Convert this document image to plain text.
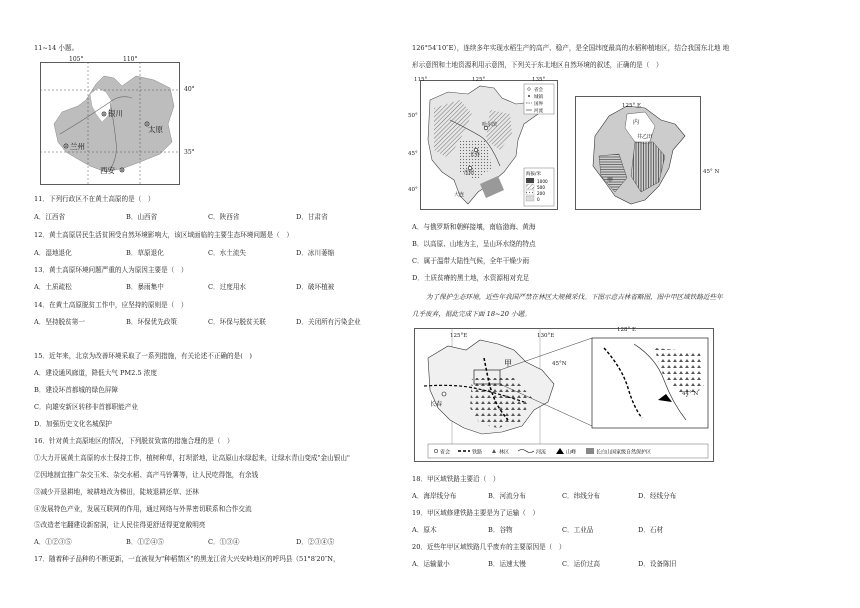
11~14 小题。
银川
太原
兰州
西安
105°	110°
40°
35°
11．下列行政区不在黄土高原的是（　）
A．江西省	B．山西省	C．陕西省	D．甘肃省
12．黄土高原居民生活贫困受自然环境影响大，该区域面临的主要生态环境问题是（　）
A．湿地退化	B．草原退化	C．水土流失	D．冰川萎缩
13．黄土高原环境问题严重的人为原因主要是（　）
A．土质疏松	B．暴雨集中	C．过度用水	D．破坏植被
14．在黄土高原脱贫工作中，应坚持的原则是（　）
A．坚持脱贫第一	B．环保优先政策	C．环保与脱贫关联	D．关闭所有污染企业
15．近年来，北京为改善环境采取了一系列措施，有关论述不正确的是(　)
A．建设通风廊道，降低大气 PM2.5 浓度
B．建设环首都城的绿色屏障
C．向雄安新区转移非首都职能产业
D．加强历史文化名城保护
16．针对黄土高原地区的情况，下列脱贫致富的措施合理的是（　）
①大力开展黄土高原的水土保持工作，植树种草，打坝淤地，让高原山水绿起来，让绿水青山变成"金山银山"
②因地制宜推广杂交玉米、杂交水稻、高产马铃薯等，让人民吃得饱，有余钱
③减少开垦耕地，坡耕地改为梯田，陡坡退耕还草、还林
④发展特色产业，发展互联网的作用，通过网络与外界密切联系和合作交流
⑤改造老宅翻建设新窑洞，让人民住得更舒适得更宽敞明亮
A．①②③⑤	B．①②④⑤	C．①③④	D．②③④⑤
17．随着种子品种的不断更新，一直被视为"种稻禁区"的黑龙江省大兴安岭地区的呼玛县（51°8′20″N，
126°54′10″E），连续多年实现水稻生产的高产、稳产，是全国纬度最高的水稻种植地区，结合我国东北地 地
形示意图和土地资源利用示意图，下列关于东北地区自然环境的叙述，正确的是（　）
哈尔滨
长春
沈阳
大连
省会
城镇
国界
河流
海拔/米
1000
500
200
0
115°	125°	135°
50°
45°
40°
内
井乙田
甲
125° E
45° N
A．与俄罗斯和朝鲜接壤，南临渤海、黄海
B．以高原、山地为主，呈山环水绕的特点
C．属于温带大陆性气候，全年干燥少雨
D．土质贫瘠的黑土地，水资源相对充足
为了保护生态环境，近些年我国严禁在林区大规模采伐。下图示意吉林省略图，图中甲区域铁路近些年
几乎废弃，据此完成下面 18~20 小题。
甲
长春
省会	铁路	林区	河流	山峰	长白山国家级自然保护区
125°E	130°E
128° E
45°N
44° N
18．甲区域铁路主要沿（　）
A．海岸线分布	B．河流分布	C．纬线分布	D．经线分布
19．甲区域修建铁路主要是为了运输（　）
A．原木	B．谷物	C．工业品	D．石材
20．近些年甲区域铁路几乎废弃的主要原因是（　）
A．运输量小	B．运速太慢	C．运价过高	D．设备陈旧
